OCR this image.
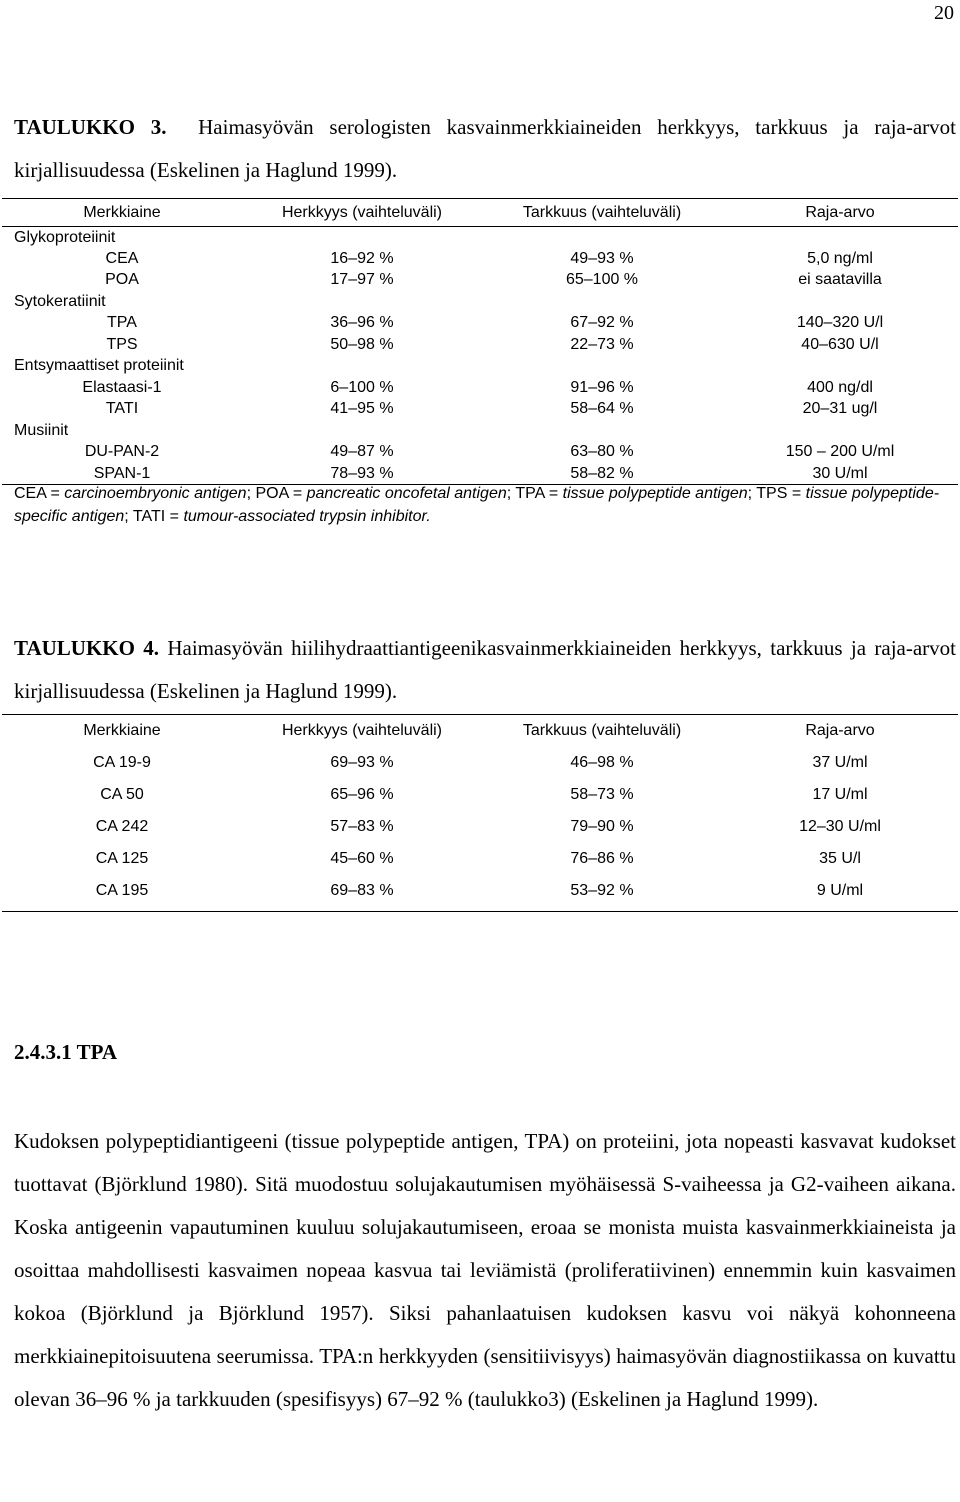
20
TAULUKKO 3. Haimasyövän serologisten kasvainmerkkiaineiden herkkyys, tarkkuus ja raja-arvot kirjallisuudessa (Eskelinen ja Haglund 1999).
Merkkiaine	Herkkyys (vaihteluväli)	Tarkkuus (vaihteluväli)	Raja-arvo
Glykoproteiinit			
CEA	16–92 %	49–93 %	5,0 ng/ml
POA	17–97 %	65–100 %	ei saatavilla
Sytokeratiinit			
TPA	36–96 %	67–92 %	140–320 U/l
TPS	50–98 %	22–73 %	40–630 U/l
Entsymaattiset proteiinit			
Elastaasi-1	6–100 %	91–96 %	400 ng/dl
TATI	41–95 %	58–64 %	20–31 ug/l
Musiinit			
DU-PAN-2	49–87 %	63–80 %	150 – 200 U/ml
SPAN-1	78–93 %	58–82 %	30 U/ml
CEA = carcinoembryonic antigen; POA = pancreatic oncofetal antigen; TPA = tissue polypeptide antigen; TPS = tissue polypeptide-specific antigen; TATI = tumour-associated trypsin inhibitor.
TAULUKKO 4. Haimasyövän hiilihydraattiantigeenikasvainmerkkiaineiden herkkyys, tarkkuus ja raja-arvot kirjallisuudessa (Eskelinen ja Haglund 1999).
Merkkiaine	Herkkyys (vaihteluväli)	Tarkkuus (vaihteluväli)	Raja-arvo
CA 19-9	69–93 %	46–98 %	37 U/ml
CA 50	65–96 %	58–73 %	17 U/ml
CA 242	57–83 %	79–90 %	12–30 U/ml
CA 125	45–60 %	76–86 %	35 U/l
CA 195	69–83 %	53–92 %	9 U/ml
2.4.3.1 TPA
Kudoksen polypeptidiantigeeni (tissue polypeptide antigen, TPA) on proteiini, jota nopeasti kasvavat kudokset tuottavat (Björklund 1980). Sitä muodostuu solujakautumisen myöhäisessä S-vaiheessa ja G2-vaiheen aikana. Koska antigeenin vapautuminen kuuluu solujakautumiseen, eroaa se monista muista kasvainmerkkiaineista ja osoittaa mahdollisesti kasvaimen nopeaa kasvua tai leviämistä (proliferatiivinen) ennemmin kuin kasvaimen kokoa (Björklund ja Björklund 1957). Siksi pahanlaatuisen kudoksen kasvu voi näkyä kohonneena merkkiainepitoisuutena seerumissa. TPA:n herkkyyden (sensitiivisyys) haimasyövän diagnostiikassa on kuvattu olevan 36–96 % ja tarkkuuden (spesifisyys) 67–92 % (taulukko3) (Eskelinen ja Haglund 1999).
